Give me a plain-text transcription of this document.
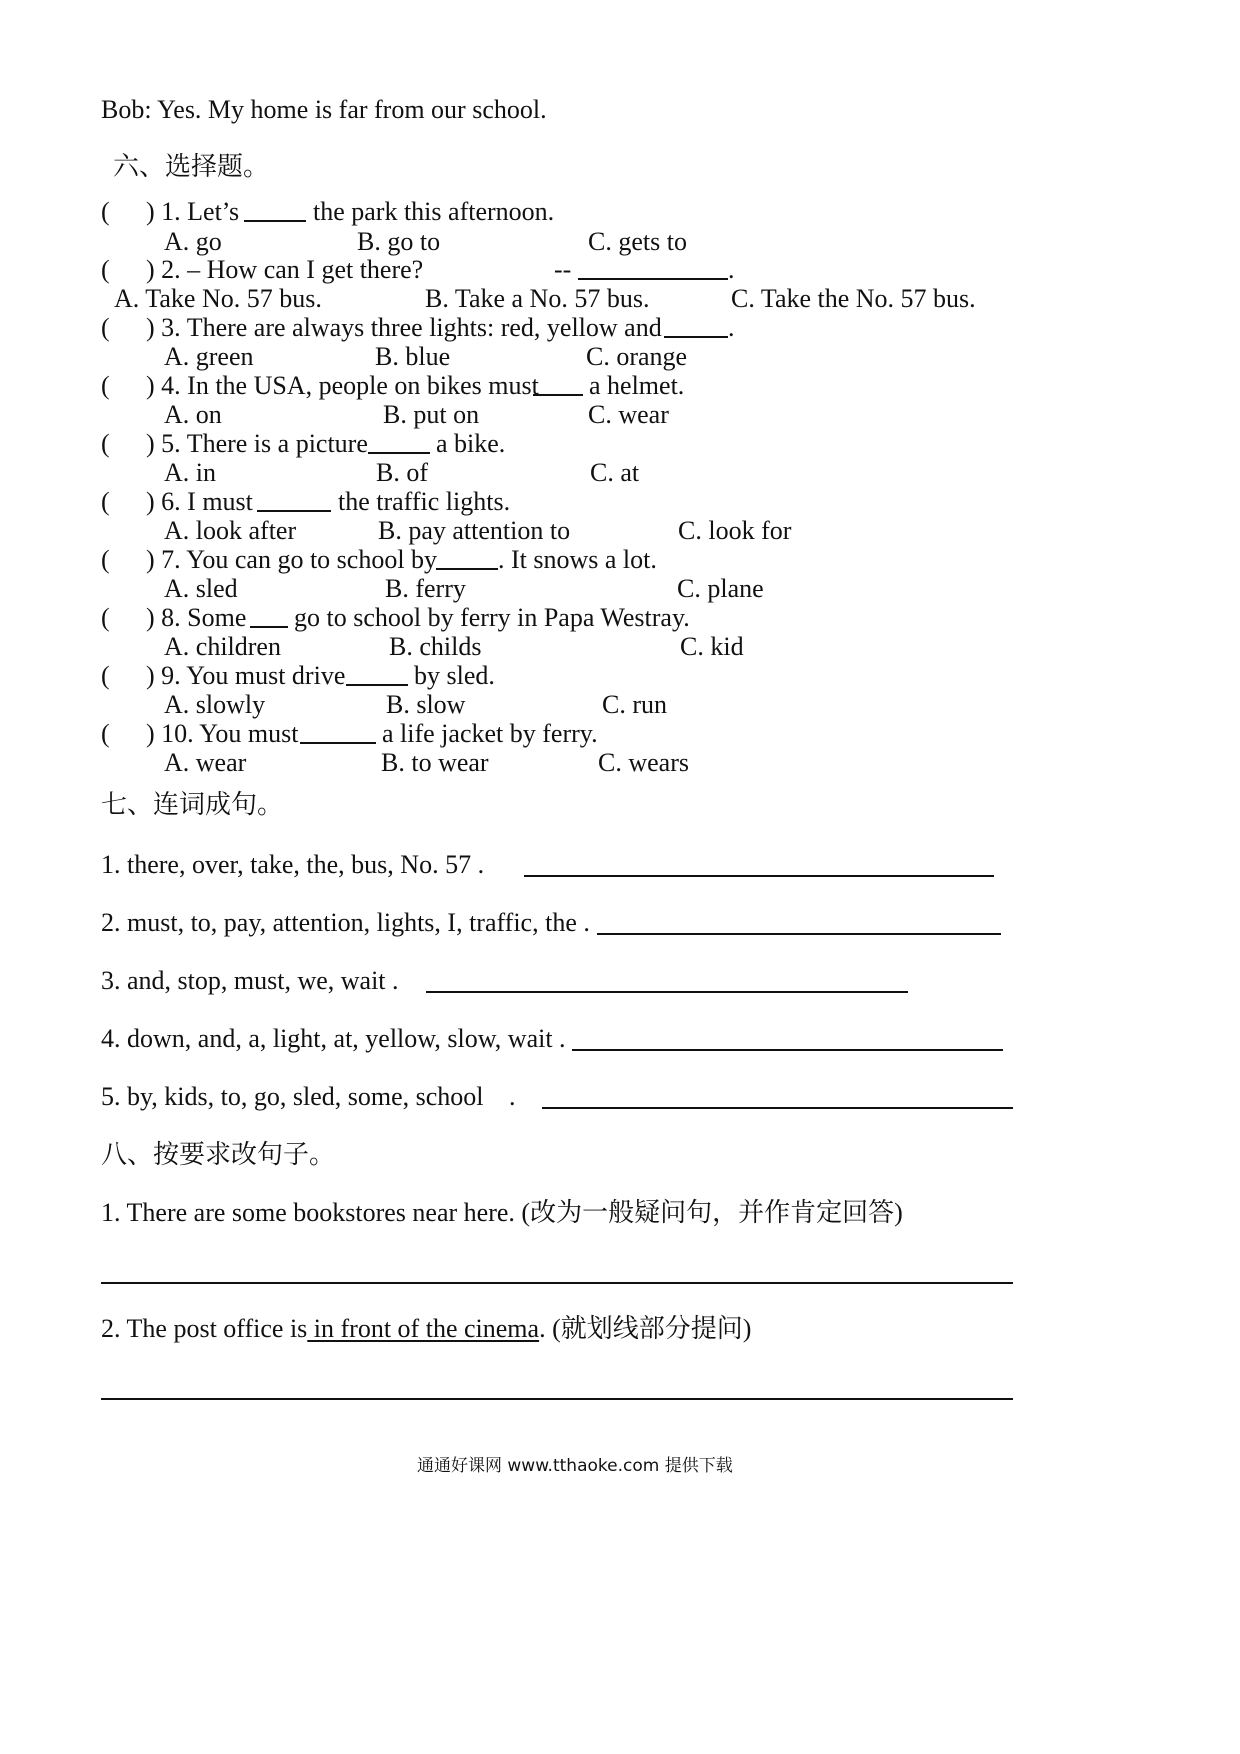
Bob: Yes. My home is far from our school.
六、选择题。
( ) 1. Let’s	the park this afternoon.
A. go	B. go to	C. gets to
( ) 2. – How can I get there?	--	.
A. Take No. 57 bus.	B. Take a No. 57 bus.	C. Take the No. 57 bus.
( ) 3. There are always three lights: red, yellow and	.
A. green	B. blue	C. orange
( ) 4. In the USA, people on bikes must a helmet.
A. on	B. put on	C. wear
( ) 5. There is a picture	a bike.
A. in	B. of	C. at
( ) 6. I must	the traffic lights.
A. look after	B. pay attention to	C. look for
( ) 7. You can go to school by . It snows a lot.
A. sled	B. ferry	C. plane
( ) 8. Some go to school by ferry in Papa Westray.
A. children	B. childs	C. kid
( ) 9. You must drive	by sled.
A. slowly	B. slow	C. run
( ) 10. You must	a life jacket by ferry.
A. wear	B. to wear	C. wears
七、连词成句。
1. there, over, take, the, bus, No. 57 .
2. must, to, pay, attention, lights, I, traffic, the .
3. and, stop, must, we, wait .
4. down, and, a, light, at, yellow, slow, wait .
5. by, kids, to, go, sled, some, school .
八、按要求改句子。
1. There are some bookstores near here. (改为一般疑问句，并作肯定回答)
2. The post office is in front of the cinema. (就划线部分提问)
通通好课网 www.tthaoke.com 提供下载
